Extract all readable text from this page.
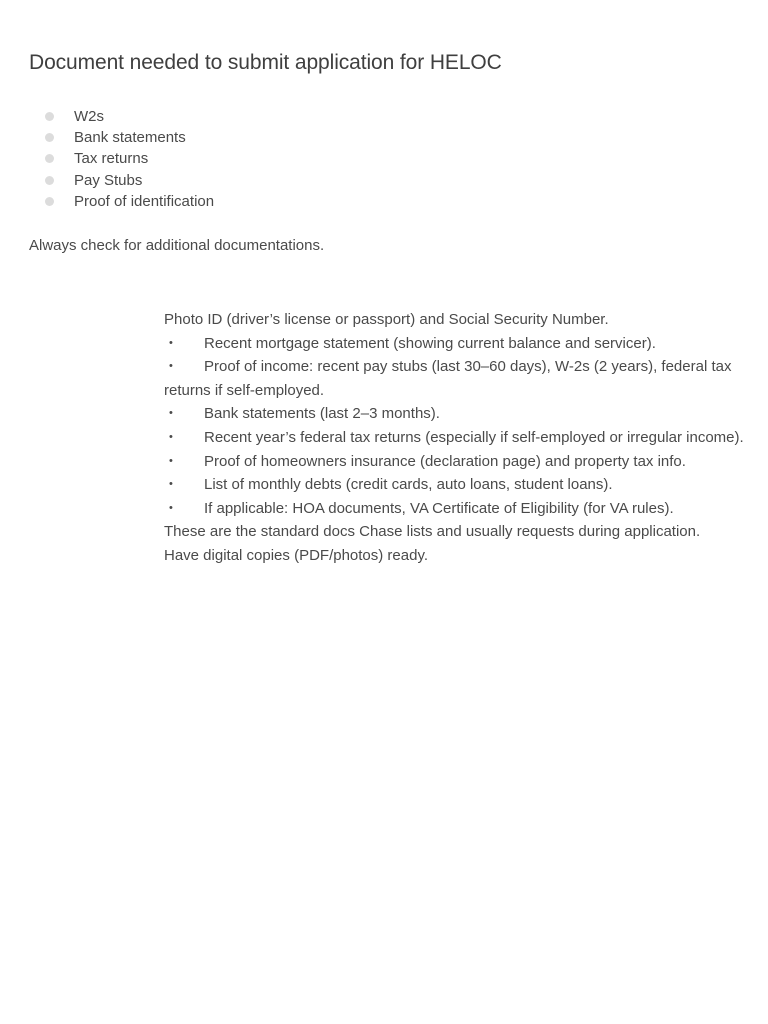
Document needed to submit application for HELOC
W2s
Bank statements
Tax returns
Pay Stubs
Proof of identification

Always check for additional documentations.

Photo ID (driver’s license or passport) and Social Security Number.

• Recent mortgage statement (showing current balance and servicer).

• Proof of income: recent pay stubs (last 30–60 days), W-2s (2 years), federal tax returns if self-employed.

• Bank statements (last 2–3 months).

• Recent year’s federal tax returns (especially if self-employed or irregular income).

• Proof of homeowners insurance (declaration page) and property tax info.

• List of monthly debts (credit cards, auto loans, student loans).

• If applicable: HOA documents, VA Certificate of Eligibility (for VA rules).

These are the standard docs Chase lists and usually requests during application.

Have digital copies (PDF/photos) ready.
